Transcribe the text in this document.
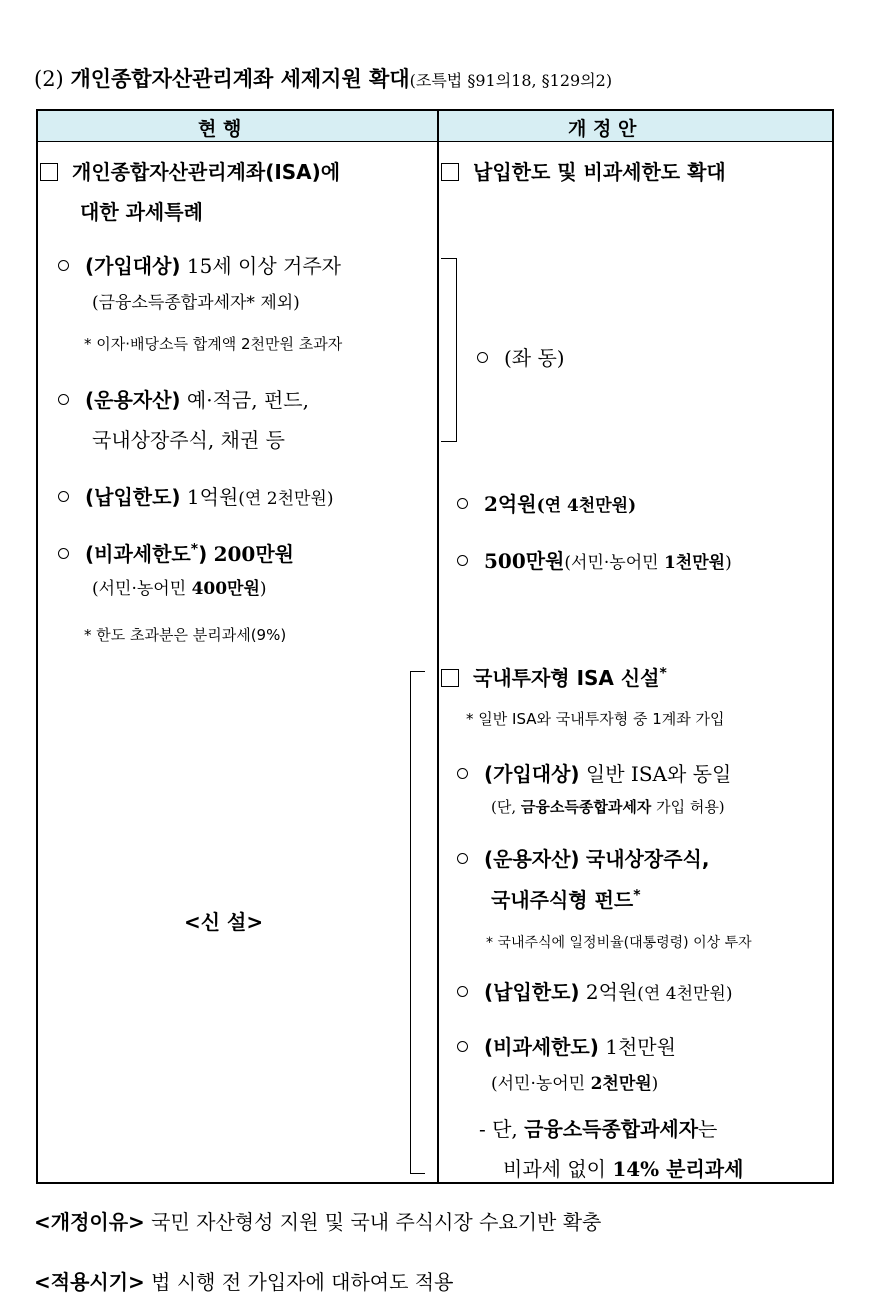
(2) 개인종합자산관리계좌 세제지원 확대(조특법 §91의18, §129의2)
현 행	개 정 안
개인종합자산관리계좌(ISA)에
대한 과세특례
(가입대상) 15세 이상 거주자
(금융소득종합과세자* 제외)
* 이자·배당소득 합계액 2천만원 초과자
(운용자산) 예·적금, 펀드,
국내상장주식, 채권 등
(납입한도) 1억원(연 2천만원)
(비과세한도*) 200만원
(서민·농어민 400만원)
* 한도 초과분은 분리과세(9%)
<신 설>
납입한도 및 비과세한도 확대
(좌 동)
2억원(연 4천만원)
500만원(서민·농어민 1천만원)
국내투자형 ISA 신설*
* 일반 ISA와 국내투자형 중 1계좌 가입
(가입대상) 일반 ISA와 동일
(단, 금융소득종합과세자 가입 허용)
(운용자산) 국내상장주식,
국내주식형 펀드*
* 국내주식에 일정비율(대통령령) 이상 투자
(납입한도) 2억원(연 4천만원)
(비과세한도) 1천만원
(서민·농어민 2천만원)
- 단, 금융소득종합과세자는
비과세 없이 14% 분리과세
<개정이유> 국민 자산형성 지원 및 국내 주식시장 수요기반 확충
<적용시기> 법 시행 전 가입자에 대하여도 적용
